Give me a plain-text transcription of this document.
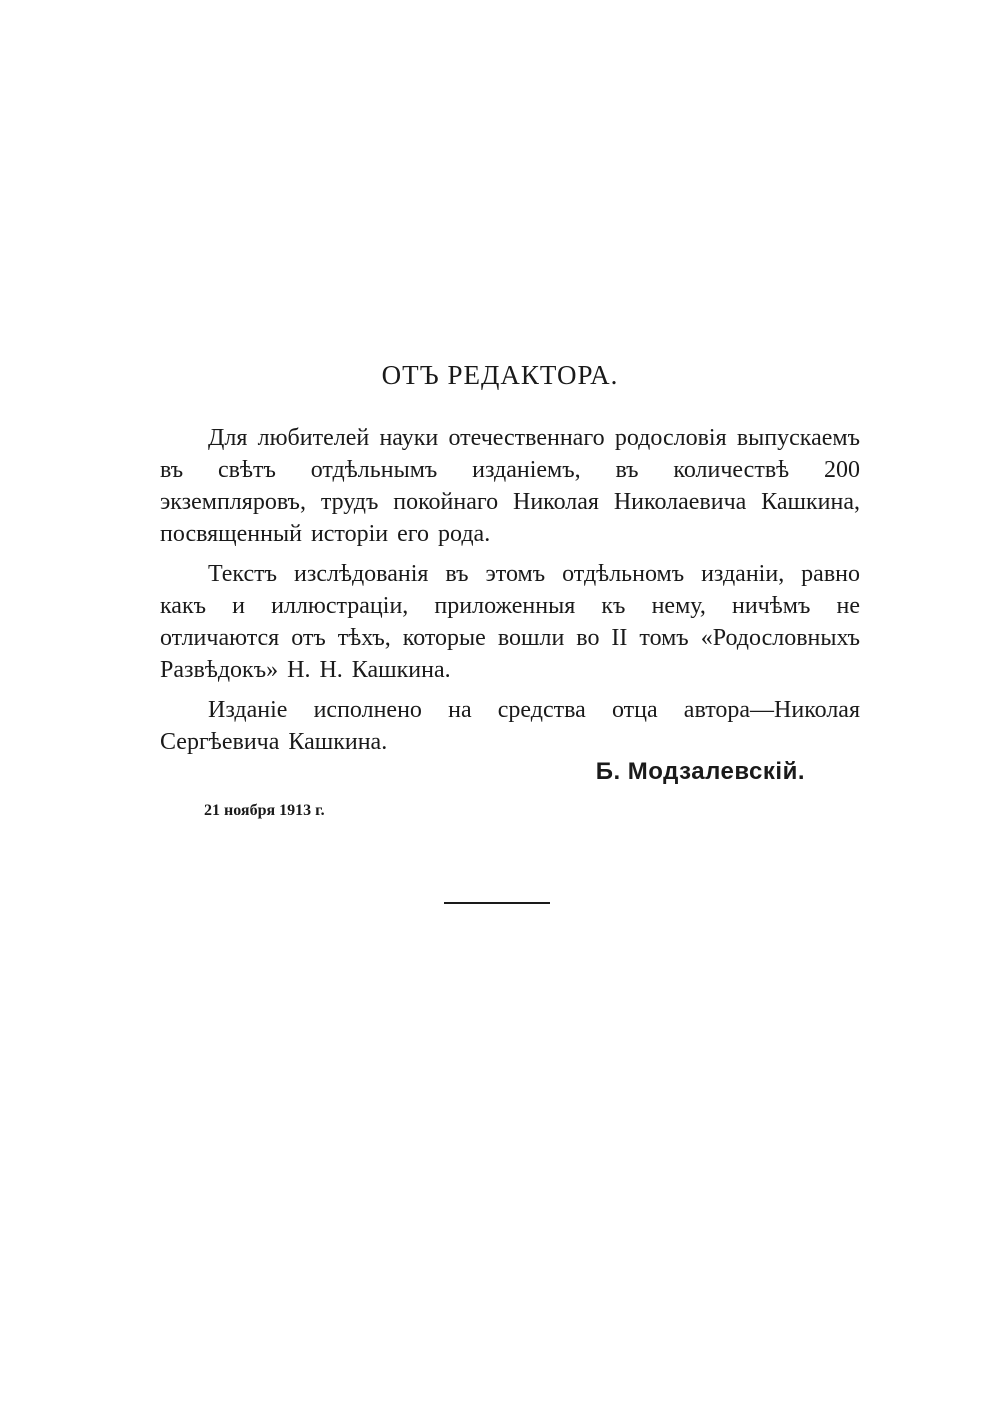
ОТЪ РЕДАКТОРА.

Для любителей науки отечественнаго родословія выпускаемъ въ свѣтъ отдѣльнымъ изданіемъ, въ количествѣ 200 экземпляровъ, трудъ покойнаго Николая Николаевича Кашкина, посвященный исторіи его рода.

Текстъ изслѣдованія въ этомъ отдѣльномъ изданіи, равно какъ и иллюстраціи, приложенныя къ нему, ничѣмъ не отличаются отъ тѣхъ, которые вошли во II томъ «Родословныхъ Развѣдокъ» Н. Н. Кашкина.

Изданіе исполнено на средства отца автора—Николая Сергѣевича Кашкина.

Б. Модзалевскій.
21 ноября 1913 г.
